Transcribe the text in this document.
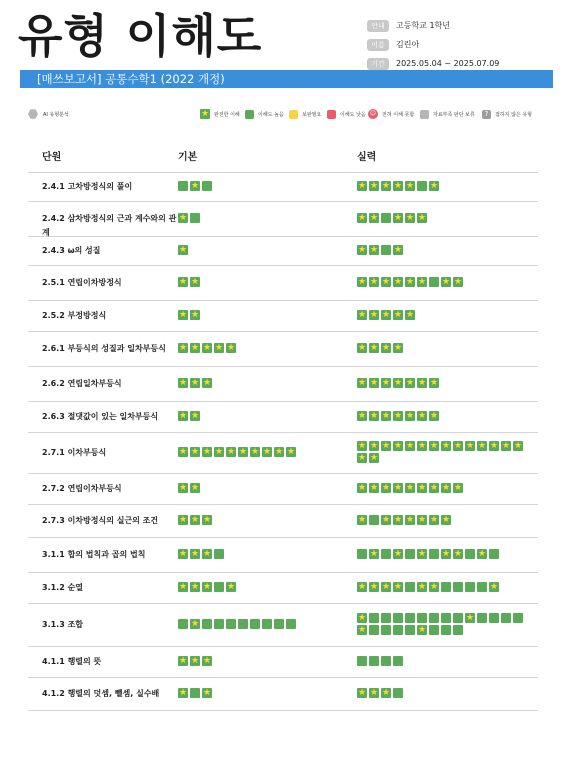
유형 이해도	안내	고등학교 1학년
이름	김린아
기간	2025.05.04 ~ 2025.07.09
[매쓰보고서] 공통수학1 (2022 개정)
AI 유형분석
★	완전한 이해	이해도 높음	보완필요	이해도 낮음 ☺	전혀 이해 못함	자료부족 판단 보류	?	접하지 않은 유형
단원	기본	실력
2.4.1 고차방정식의 풀이
★
★
★
★
★
★
★
2.4.2 삼차방정식의 근과 계수와의 관계
★
★
★
★
★
★
2.4.3 ω의 성질
★
★
★
★
2.5.1 연립이차방정식
★
★
★
★
★
★
★
★
★
★
2.5.2 부정방정식
★
★
★
★
★
★
★
2.6.1 부등식의 성질과 일차부등식
★
★
★
★
★
★
★
★
★
2.6.2 연립일차부등식
★
★
★
★
★
★
★
★
★
★
2.6.3 절댓값이 있는 일차부등식
★
★
★
★
★
★
★
★
★
2.7.1 이차부등식
★
★
★
★
★
★
★
★
★
★
★
★
★
★
★
★
★
★
★
★
★
★
★
★
★
★
2.7.2 연립이차부등식
★
★
★
★
★
★
★
★
★
★
★
2.7.3 이차방정식의 실근의 조건
★
★
★
★
★
★
★
★
★
★
3.1.1 합의 법칙과 곱의 법칙
★
★
★
★
★
★
★
★
★
3.1.2 순열
★
★
★
★
★
★
★
★
★
★
★
3.1.3 조합
★
★
★
★
★
4.1.1 행렬의 뜻
★
★
★
4.1.2 행렬의 덧셈, 뺄셈, 실수배
★
★
★
★
★
